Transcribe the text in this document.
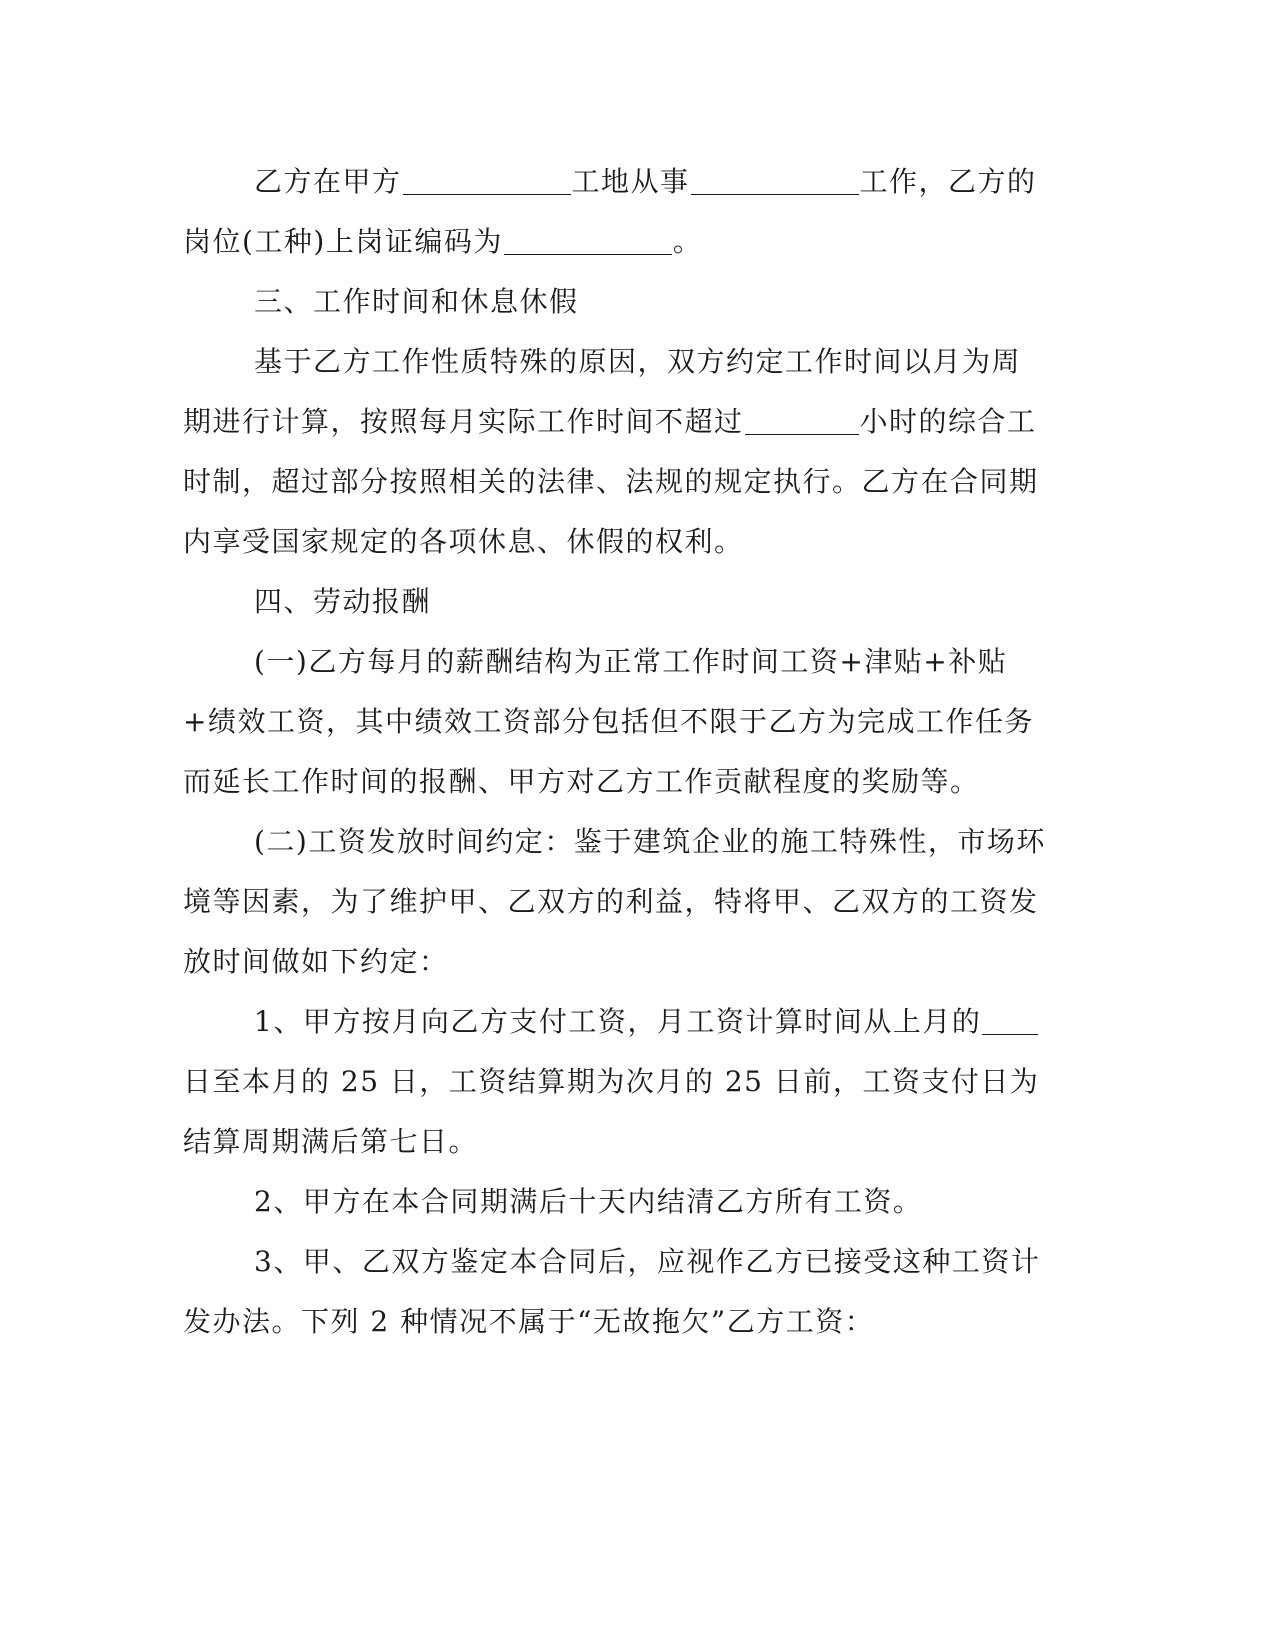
乙方在甲方	工地从事	工作，乙方的岗位(工种)上岗证编码为	。

三、工作时间和休息休假

基于乙方工作性质特殊的原因，双方约定工作时间以月为周期进行计算，按照每月实际工作时间不超过	小时的综合工时制，超过部分按照相关的法律、法规的规定执行。乙方在合同期内享受国家规定的各项休息、休假的权利。

四、劳动报酬

(一)乙方每月的薪酬结构为正常工作时间工资+津贴+补贴+绩效工资，其中绩效工资部分包括但不限于乙方为完成工作任务而延长工作时间的报酬、甲方对乙方工作贡献程度的奖励等。

(二)工资发放时间约定：鉴于建筑企业的施工特殊性，市场环境等因素，为了维护甲、乙双方的利益，特将甲、乙双方的工资发放时间做如下约定：

1、甲方按月向乙方支付工资，月工资计算时间从上月的日至本月的 25 日，工资结算期为次月的 25 日前，工资支付日为结算周期满后第七日。

2、甲方在本合同期满后十天内结清乙方所有工资。

3、甲、乙双方鉴定本合同后，应视作乙方已接受这种工资计发办法。下列 2 种情况不属于“无故拖欠”乙方工资：
